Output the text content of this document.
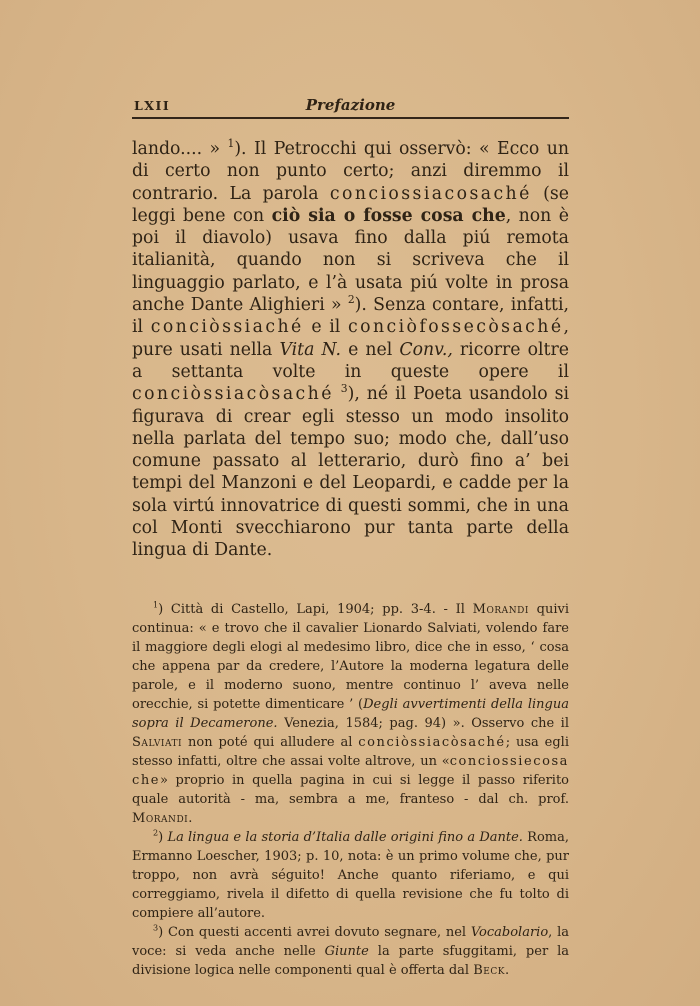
LXII	Prefazione

lando.... » $^1$). Il Petrocchi qui osservò: « Ecco un di certo non punto certo; anzi diremmo il contrario. La parola conciossiacosaché (se leggi bene con ciò sia o fosse cosa che, non è poi il diavolo) usava fino dalla piú remota italianità, quando non si scriveva che il linguaggio parlato, e l’à usata piú volte in prosa anche Dante Alighieri » $^2$). Senza contare, infatti, il conciòssiaché e il conciòfossecòsaché, pure usati nella Vita N. e nel Conv., ricorre oltre a settanta volte in queste opere il conciòssiacòsaché $^3$), né il Poeta usandolo si figurava di crear egli stesso un modo insolito nella parlata del tempo suo; modo che, dall’uso comune passato al letterario, durò fino a’ bei tempi del Manzoni e del Leopardi, e cadde per la sola virtú innovatrice di questi sommi, che in una col Monti svecchiarono pur tanta parte della lingua di Dante.

$^1$) Città di Castello, Lapi, 1904; pp. 3-4. - Il Morandi quivi continua: « e trovo che il cavalier Lionardo Salviati, volendo fare il maggiore degli elogi al medesimo libro, dice che in esso, ‘ cosa che appena par da credere, l’Autore la moderna legatura delle parole, e il moderno suono, mentre continuo l’ aveva nelle orecchie, si potette dimenticare ’ (Degli avvertimenti della lingua sopra il Decamerone. Venezia, 1584; pag. 94) ». Osservo che il Salviati non poté qui alludere al conciòssiacòsaché; usa egli stesso infatti, oltre che assai volte altrove, un «conciossiecosa che» proprio in quella pagina in cui si legge il passo riferito quale autorità - ma, sembra a me, franteso - dal ch. prof. Morandi.

$^2$) La lingua e la storia d’Italia dalle origini fino a Dante. Roma, Ermanno Loescher, 1903; p. 10, nota: è un primo volume che, pur troppo, non avrà séguito! Anche quanto riferiamo, e qui correggiamo, rivela il difetto di quella revisione che fu tolto di compiere all’autore.

$^3$) Con questi accenti avrei dovuto segnare, nel Vocabolario, la voce: si veda anche nelle Giunte la parte sfuggitami, per la divisione logica nelle componenti qual è offerta dal Beck.
